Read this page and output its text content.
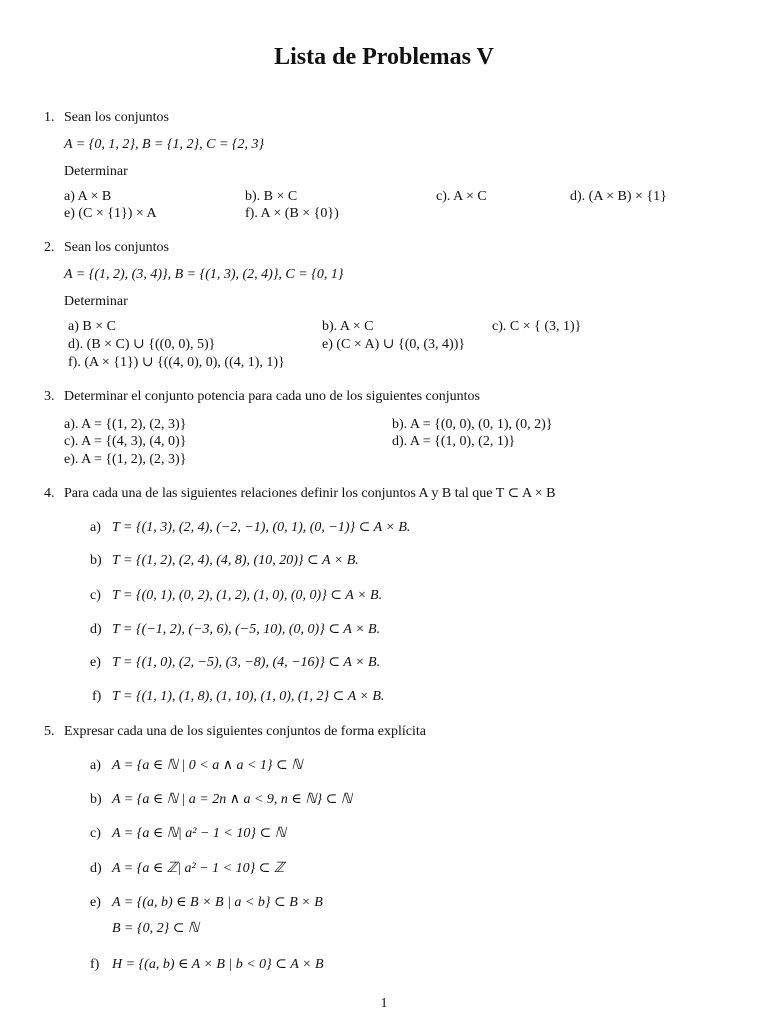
Lista de Problemas V
1. Sean los conjuntos
A = {0, 1, 2}, B = {1, 2}, C = {2, 3}
Determinar
a) A × B	b). B × C	c). A × C	d). (A × B) × {1}
e) (C × {1}) × A	f). A × (B × {0})
2. Sean los conjuntos
A = {(1, 2), (3, 4)}, B = {(1, 3), (2, 4)}, C = {0, 1}
Determinar
a) B × C	b). A × C	c). C × { (3, 1)}
d). (B × C) ∪ {((0, 0), 5)}	e) (C × A) ∪ {(0, (3, 4))}
f). (A × {1}) ∪ {((4, 0), 0), ((4, 1), 1)}
3. Determinar el conjunto potencia para cada uno de los siguientes conjuntos
a). A = {(1, 2), (2, 3)}	b). A = {(0, 0), (0, 1), (0, 2)}
c). A = {(4, 3), (4, 0)}	d). A = {(1, 0), (2, 1)}
e). A = {(1, 2), (2, 3)}
4. Para cada una de las siguientes relaciones definir los conjuntos A y B tal que T ⊂ A × B
a) T = {(1, 3), (2, 4), (−2, −1), (0, 1), (0, −1)} ⊂ A × B.
b) T = {(1, 2), (2, 4), (4, 8), (10, 20)} ⊂ A × B.
c) T = {(0, 1), (0, 2), (1, 2), (1, 0), (0, 0)} ⊂ A × B.
d) T = {(−1, 2), (−3, 6), (−5, 10), (0, 0)} ⊂ A × B.
e) T = {(1, 0), (2, −5), (3, −8), (4, −16)} ⊂ A × B.
f) T = {(1, 1), (1, 8), (1, 10), (1, 0), (1, 2} ⊂ A × B.
5. Expresar cada una de los siguientes conjuntos de forma explícita
a) A = {a ∈ ℕ | 0 < a ∧ a < 1} ⊂ ℕ
b) A = {a ∈ ℕ | a = 2n ∧ a < 9, n ∈ ℕ} ⊂ ℕ
c) A = {a ∈ ℕ| a² − 1 < 10} ⊂ ℕ
d) A = {a ∈ ℤ| a² − 1 < 10} ⊂ ℤ
e) A = {(a, b) ∈ B × B | a < b} ⊂ B × B
B = {0, 2} ⊂ ℕ
f) H = {(a, b) ∈ A × B | b < 0} ⊂ A × B
1
